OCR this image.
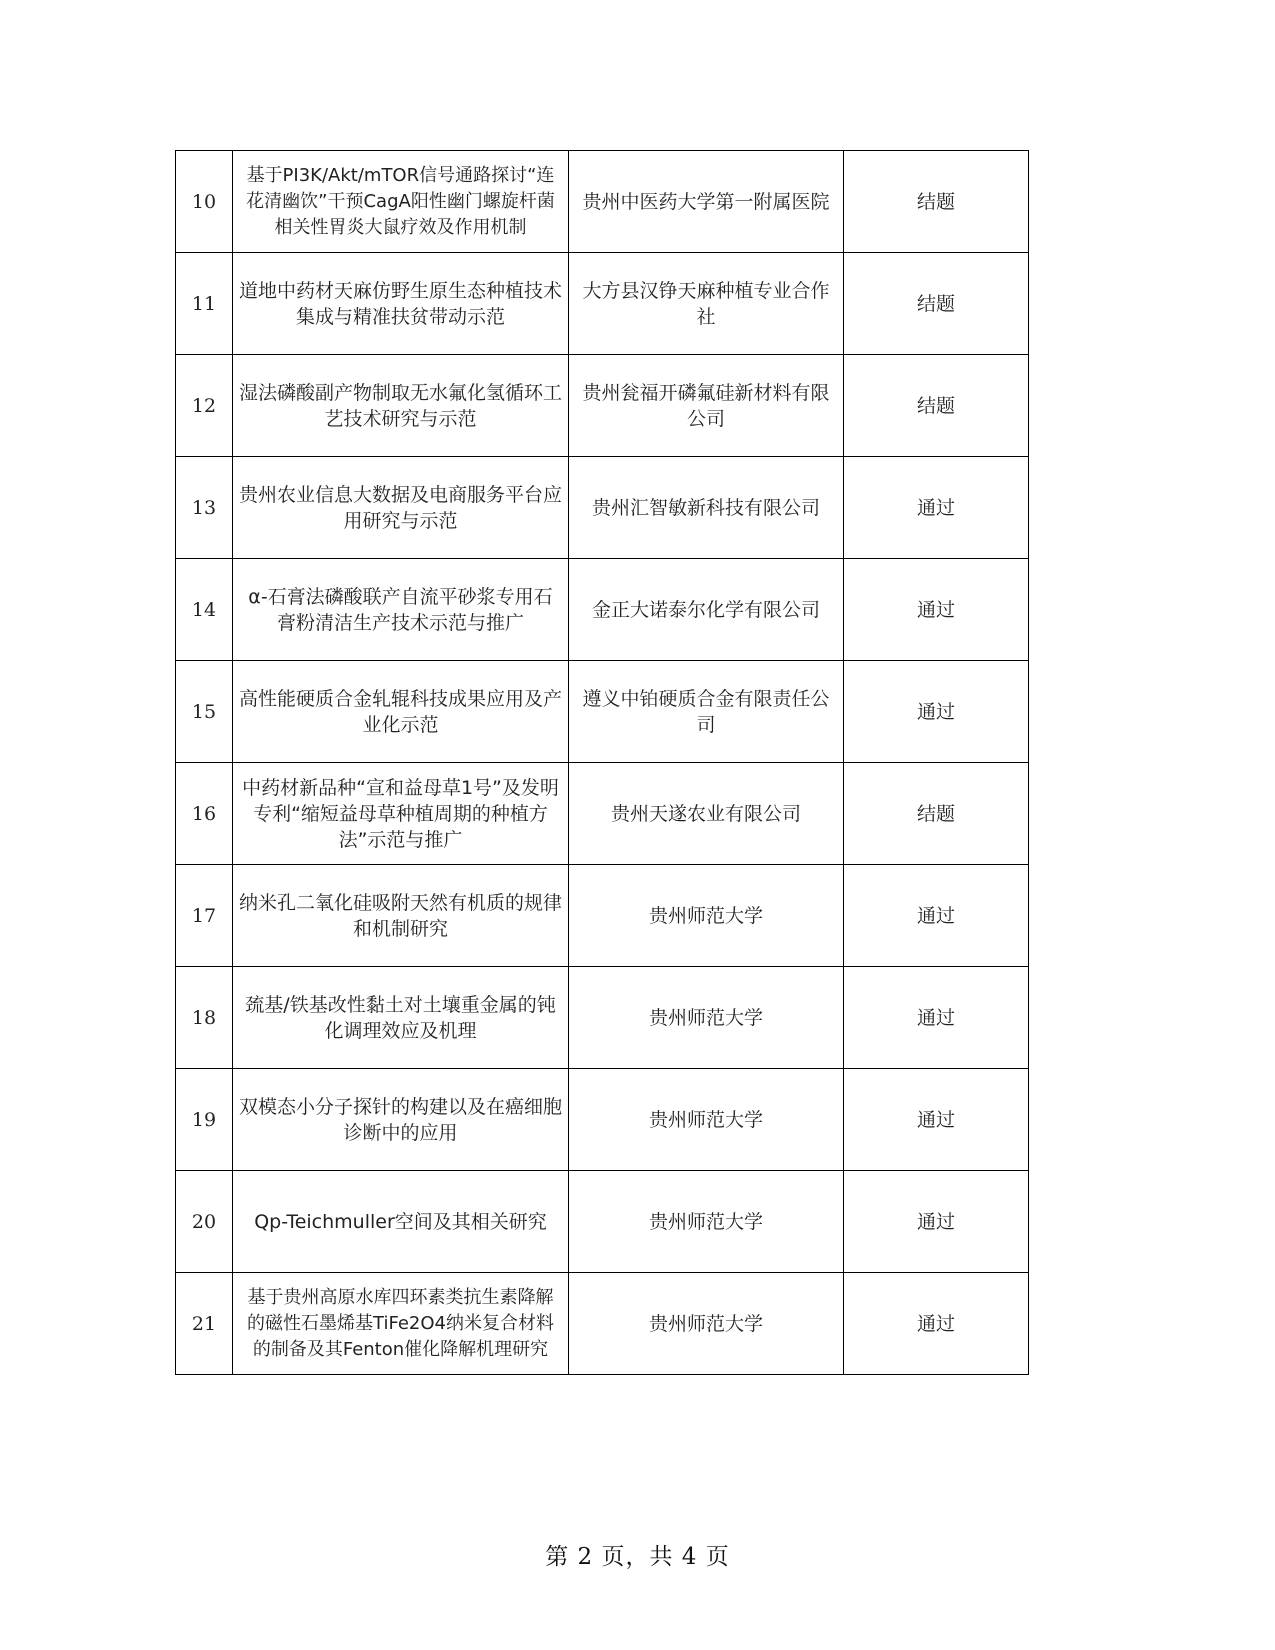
10	基于PI3K/Akt/mTOR信号通路探讨“连花清幽饮”干预CagA阳性幽门螺旋杆菌相关性胃炎大鼠疗效及作用机制	贵州中医药大学第一附属医院	结题
11	道地中药材天麻仿野生原生态种植技术集成与精准扶贫带动示范	大方县汉铮天麻种植专业合作社	结题
12	湿法磷酸副产物制取无水氟化氢循环工艺技术研究与示范	贵州瓮福开磷氟硅新材料有限公司	结题
13	贵州农业信息大数据及电商服务平台应用研究与示范	贵州汇智敏新科技有限公司	通过
14	α-石膏法磷酸联产自流平砂浆专用石膏粉清洁生产技术示范与推广	金正大诺泰尔化学有限公司	通过
15	高性能硬质合金轧辊科技成果应用及产业化示范	遵义中铂硬质合金有限责任公司	通过
16	中药材新品种“宣和益母草1号”及发明专利“缩短益母草种植周期的种植方法”示范与推广	贵州天遂农业有限公司	结题
17	纳米孔二氧化硅吸附天然有机质的规律和机制研究	贵州师范大学	通过
18	巯基/铁基改性黏土对土壤重金属的钝化调理效应及机理	贵州师范大学	通过
19	双模态小分子探针的构建以及在癌细胞诊断中的应用	贵州师范大学	通过
20	Qp-Teichmuller空间及其相关研究	贵州师范大学	通过
21	基于贵州高原水库四环素类抗生素降解的磁性石墨烯基TiFe2O4纳米复合材料的制备及其Fenton催化降解机理研究	贵州师范大学	通过
第 2 页，共 4 页
